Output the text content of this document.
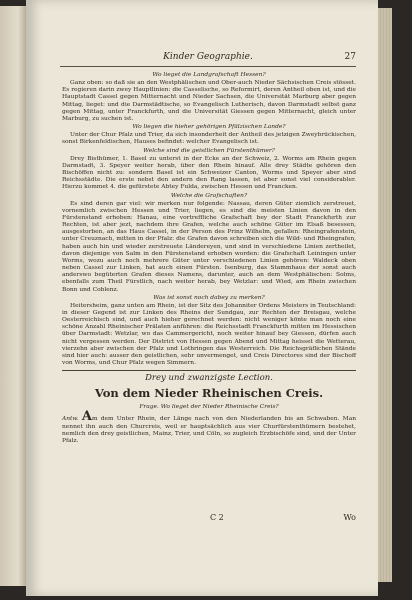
Kinder Geographie.	27
Wo lieget die Landgrafschaft Hessen?
Ganz oben: so daß sie an den Westphälischen und Ober-auch Nieder Sächsischen Creis stösset. Es regieren darin zwey Hauptlinien: die Casselische, so Reformirt, deren Antheil oben ist, und die Hauptstadt Cassel gegen Mitternacht und Nieder Sachsen, die Universität Marburg aber gegen Mittag, lieget: und die Darmstädtische, so Evangelisch Lutherisch, davon Darmstadt selbst ganz gegen Mittag, unter Franckfurth, und die Universität Giessen gegen Mitternacht, gleich unter Marburg, zu suchen ist.
Wo liegen die hieher gehörigen Pfälzischen Lande?
Unter der Chur Pfalz und Trier, da sich insonderheit der Antheil des jetzigen Zweybrückischen, sonst Birkenfeldischen, Hauses befindet: welcher Evangelisch ist.
Welche sind die geistlichen Fürstenthümer?
Drey Bisthümer, 1. Basel zu unterst in der Ecke an der Schweiz, 2. Worms am Rhein gegen Darmstadt, 3. Speyer weiter herab, über den Rhein hinauf. Alle drey Städte gehören den Bischöffen nicht zu: sondern Basel ist ein Schweizer Canton, Worms und Speyer aber sind Reichsstädte. Die erste nebst den andern den Rang lassen, ist aber sonst viel considerabler. Hierzu kommet 4. die gefürstete Abtey Fulda, zwischen Hessen und Francken.
Welche die Grafschaften?
Es sind deren gar viel: wir merken nur folgende: Nassau, deren Güter ziemlich zerstreuet, vornemlich zwischen Hessen und Trier, liegen, es sind die meisten Linien davon in den Fürstenstand erhoben: Hanau, eine vortreffliche Grafschaft bey der Stadt Franckfurth zur Rechten, ist aber jezt, nachdem ihre Grafen, welche auch schöne Güter im Elsaß besessen, ausgestorben, an das Haus Cassel, in der Person des Prinz Wilhelm, gefallen: Rheingrafenstein, unter Creuznach, mitten in der Pfalz: die Grafen davon schreiben sich die Wild- und Rheingrafen, haben auch hin und wieder zerstreuete Ländereyen, und sind in verschiedene Linien zertheilet, davon diejenige von Salm in den Fürstenstand erhoben worden: die Grafschaft Leiningen unter Worms, wozu auch noch mehrere Güter unter verschiedenen Linien gehören: Waldeck oben neben Cassel zur Linken, hat auch einen Fürsten. Isenburg, das Stammhaus der sonst auch anderswo begüterten Grafen dieses Namens, darunter, auch an dem Westphälischen: Solms, ebenfalls zum Theil Fürstlich, nach weiter herab, bey Wetzlar: und Wied, am Rhein zwischen Bonn und Coblenz.
Was ist sonst noch dabey zu merken?
Heitersheim, ganz unten am Rhein, ist der Sitz des Johanniter Ordens Meisters in Teutschland: in dieser Gegend ist zur Linken des Rheins der Sundgau, zur Rechten der Breisgau, welche Oesterreichisch sind, und auch hieher gerechnet werden: nicht weniger könte man noch eine schöne Anzahl Rheinischer Prälaten anführen: die Reichsstadt Franckfurth mitten im Hessischen über Darmstadt: Wetzlar, wo das Cammergericht, noch weiter hinauf bey Giessen, dürfen auch nicht vergessen werden. Der District von Hessen gegen Abend und Mittag heisset die Wetterau, vierzehn aber zwischen der Pfalz und Lothringen das Westerreich. Die Reichsgräflichen Stände sind hier auch: ausser den geistlichen, sehr unvermenget, und Creis Directores sind der Bischoff von Worms, und Chur Pfalz wegen Simmern.
Drey und zwanzigste Lection.
Von dem Nieder Rheinischen Creis.
Frage. Wo lieget der Nieder Rheinische Creis?
Antw. Am dem Unter Rhein, der Länge nach von den Niederlanden bis an Schwaben. Man nennet ihn auch den Churcreis, weil er hauptsächlich aus vier Churfürstenthümern bestehet, nemlich den drey geistlichen, Mainz, Trier, und Cöln, so zugleich Erzbischöfe sind, und der Unter Pfalz.
C 2	Wo
